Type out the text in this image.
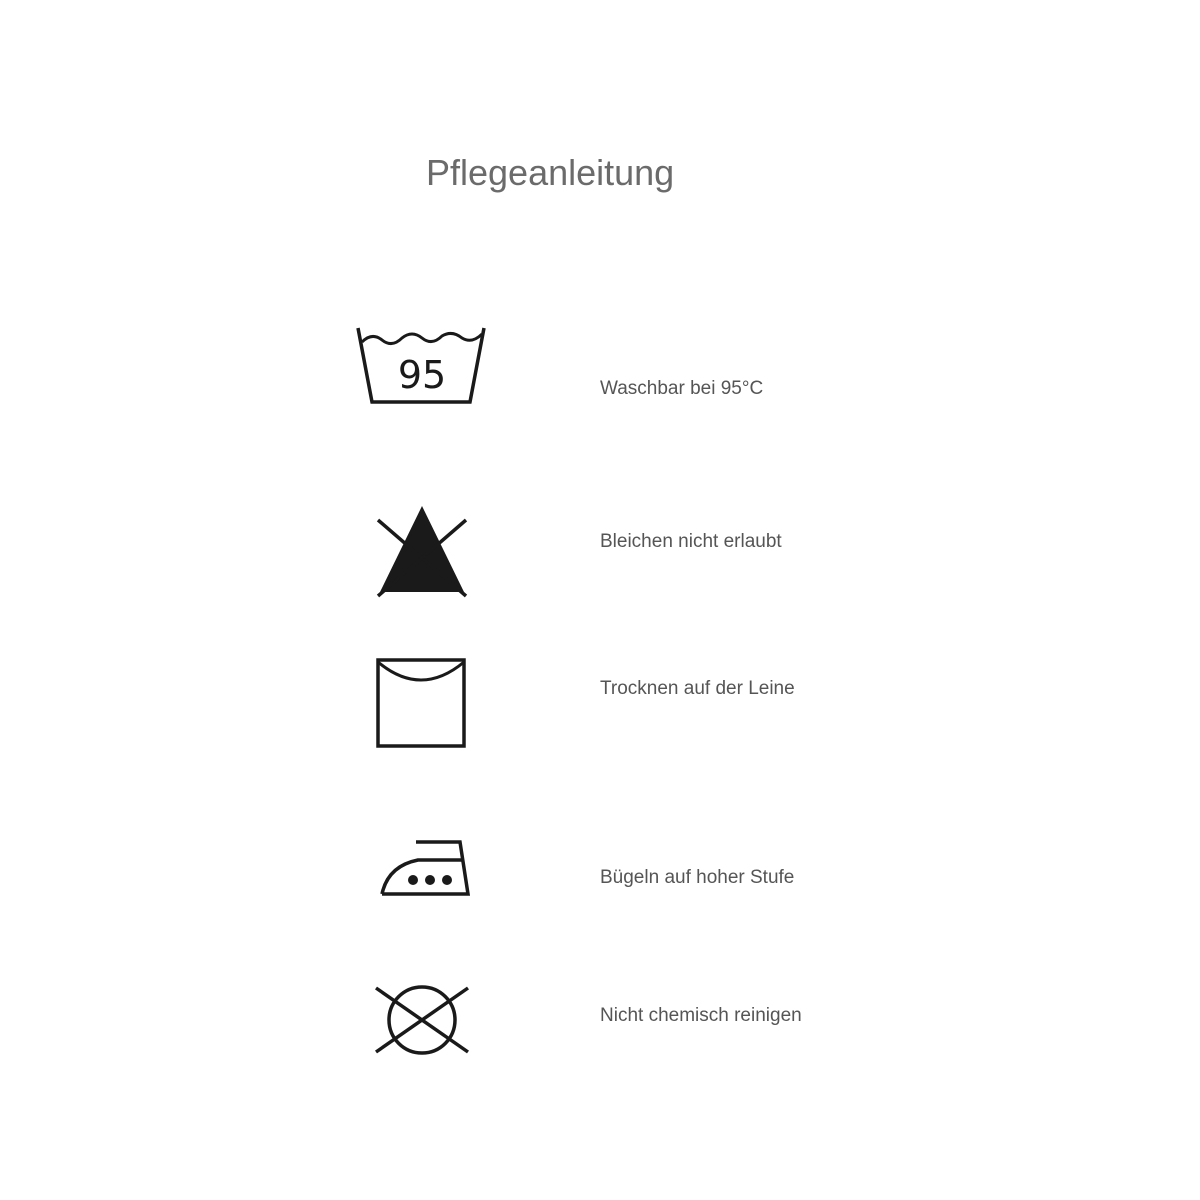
Pflegeanleitung
95	Waschbar bei 95°C
Bleichen nicht erlaubt
Trocknen auf der Leine
Bügeln auf hoher Stufe
Nicht chemisch reinigen
